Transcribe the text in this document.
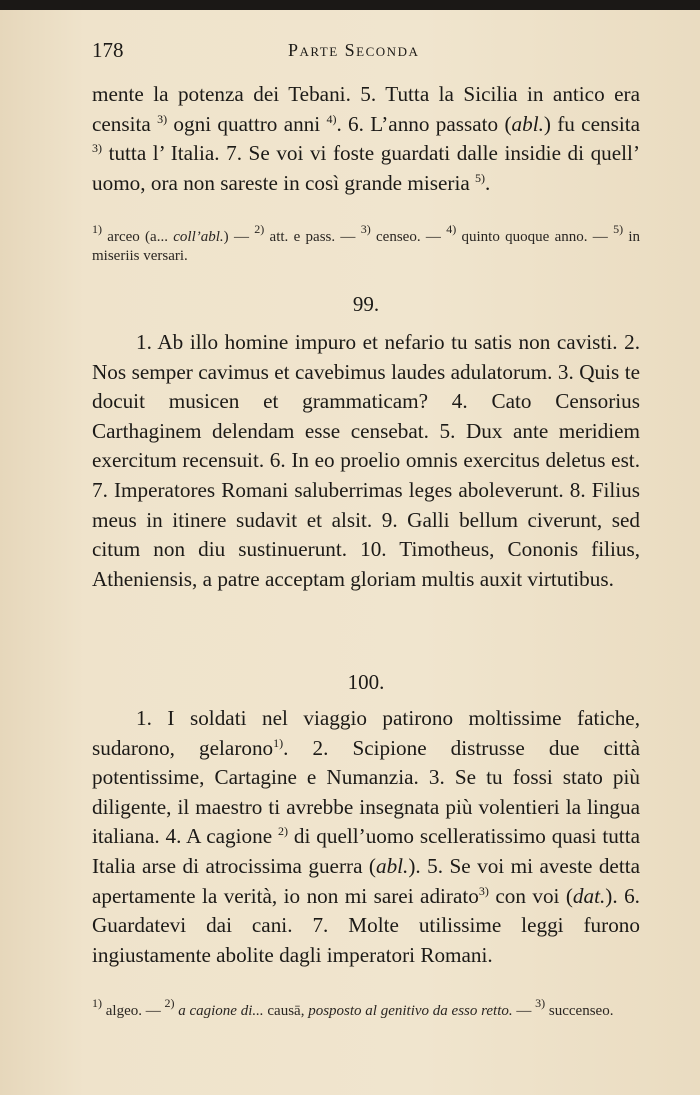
178	Parte Seconda

mente la potenza dei Tebani. 5. Tutta la Sicilia in antico era censita $^{3)}$ ogni quattro anni $^{4)}$. 6. L’anno passato (abl.) fu censita $^{3)}$ tutta l’ Italia. 7. Se voi vi foste guardati dalle insidie di quell’ uomo, ora non sareste in così grande miseria $^{5)}$.

$^{1)}$ arceo (a... coll’abl.) — $^{2)}$ att. e pass. — $^{3)}$ censeo. — $^{4)}$ quinto quoque anno. — $^{5)}$ in miseriis versari.
99.

1. Ab illo homine impuro et nefario tu satis non cavisti. 2. Nos semper cavimus et cavebimus laudes adulatorum. 3. Quis te docuit musicen et grammaticam? 4. Cato Censorius Carthaginem delendam esse censebat. 5. Dux ante meridiem exercitum recensuit. 6. In eo proelio omnis exercitus deletus est. 7. Imperatores Romani saluberrimas leges aboleverunt. 8. Filius meus in itinere sudavit et alsit. 9. Galli bellum civerunt, sed citum non diu sustinuerunt. 10. Timotheus, Cononis filius, Atheniensis, a patre acceptam gloriam multis auxit virtutibus.

100.

1. I soldati nel viaggio patirono moltissime fatiche, sudarono, gelarono$^{1)}$. 2. Scipione distrusse due città potentissime, Cartagine e Numanzia. 3. Se tu fossi stato più diligente, il maestro ti avrebbe insegnata più volentieri la lingua italiana. 4. A cagione $^{2)}$ di quell’uomo scelleratissimo quasi tutta Italia arse di atrocissima guerra (abl.). 5. Se voi mi aveste detta apertamente la verità, io non mi sarei adirato$^{3)}$ con voi (dat.). 6. Guardatevi dai cani. 7. Molte utilissime leggi furono ingiustamente abolite dagli imperatori Romani.

$^{1)}$ algeo. — $^{2)}$ a cagione di... causā, posposto al genitivo da esso retto. — $^{3)}$ succenseo.
